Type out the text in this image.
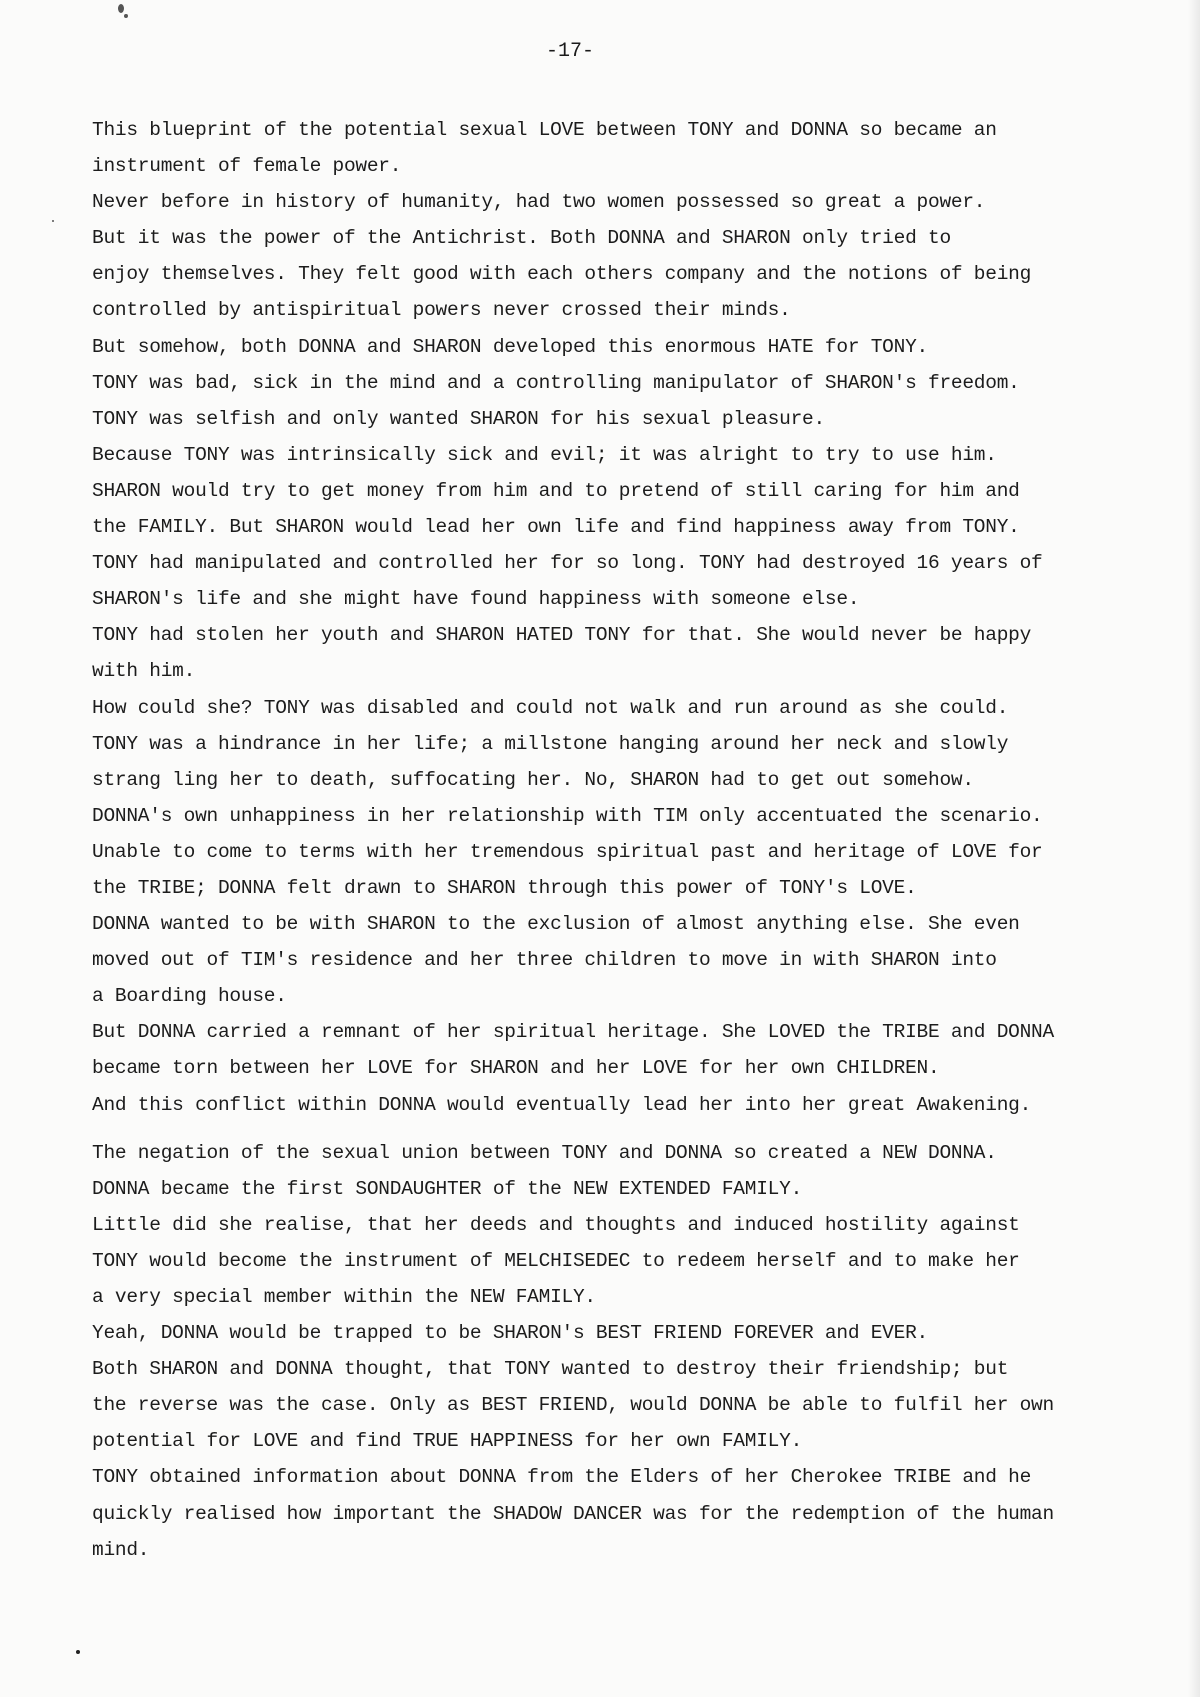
-17-
This blueprint of the potential sexual LOVE between TONY and DONNA so became an
instrument of female power.
Never before in history of humanity, had two women possessed so great a power.
But it was the power of the Antichrist. Both DONNA and SHARON only tried to
enjoy themselves. They felt good with each others company and the notions of being
controlled by antispiritual powers never crossed their minds.
But somehow, both DONNA and SHARON developed this enormous HATE for TONY.
TONY was bad, sick in the mind and a controlling manipulator of SHARON's freedom.
TONY was selfish and only wanted SHARON for his sexual pleasure.
Because TONY was intrinsically sick and evil; it was alright to try to use him.
SHARON would try to get money from him and to pretend of still caring for him and
the FAMILY. But SHARON would lead her own life and find happiness away from TONY.
TONY had manipulated and controlled her for so long. TONY had destroyed 16 years of
SHARON's life and she might have found happiness with someone else.
TONY had stolen her youth and SHARON HATED TONY for that. She would never be happy
with him.
How could she? TONY was disabled and could not walk and run around as she could.
TONY was a hindrance in her life; a millstone hanging around her neck and slowly
strang ling her to death, suffocating her. No, SHARON had to get out somehow.
DONNA's own unhappiness in her relationship with TIM only accentuated the scenario.
Unable to come to terms with her tremendous spiritual past and heritage of LOVE for
the TRIBE; DONNA felt drawn to SHARON through this power of TONY's LOVE.
DONNA wanted to be with SHARON to the exclusion of almost anything else. She even
moved out of TIM's residence and her three children to move in with SHARON into
a Boarding house.
But DONNA carried a remnant of her spiritual heritage. She LOVED the TRIBE and DONNA
became torn between her LOVE for SHARON and her LOVE for her own CHILDREN.
And this conflict within DONNA would eventually lead her into her great Awakening.
The negation of the sexual union between TONY and DONNA so created a NEW DONNA.
DONNA became the first SONDAUGHTER of the NEW EXTENDED FAMILY.
Little did she realise, that her deeds and thoughts and induced hostility against
TONY would become the instrument of MELCHISEDEC to redeem herself and to make her
a very special member within the NEW FAMILY.
Yeah, DONNA would be trapped to be SHARON's BEST FRIEND FOREVER and EVER.
Both SHARON and DONNA thought, that TONY wanted to destroy their friendship; but
the reverse was the case. Only as BEST FRIEND, would DONNA be able to fulfil her own
potential for LOVE and find TRUE HAPPINESS for her own FAMILY.
TONY obtained information about DONNA from the Elders of her Cherokee TRIBE and he
quickly realised how important the SHADOW DANCER was for the redemption of the human
mind.
